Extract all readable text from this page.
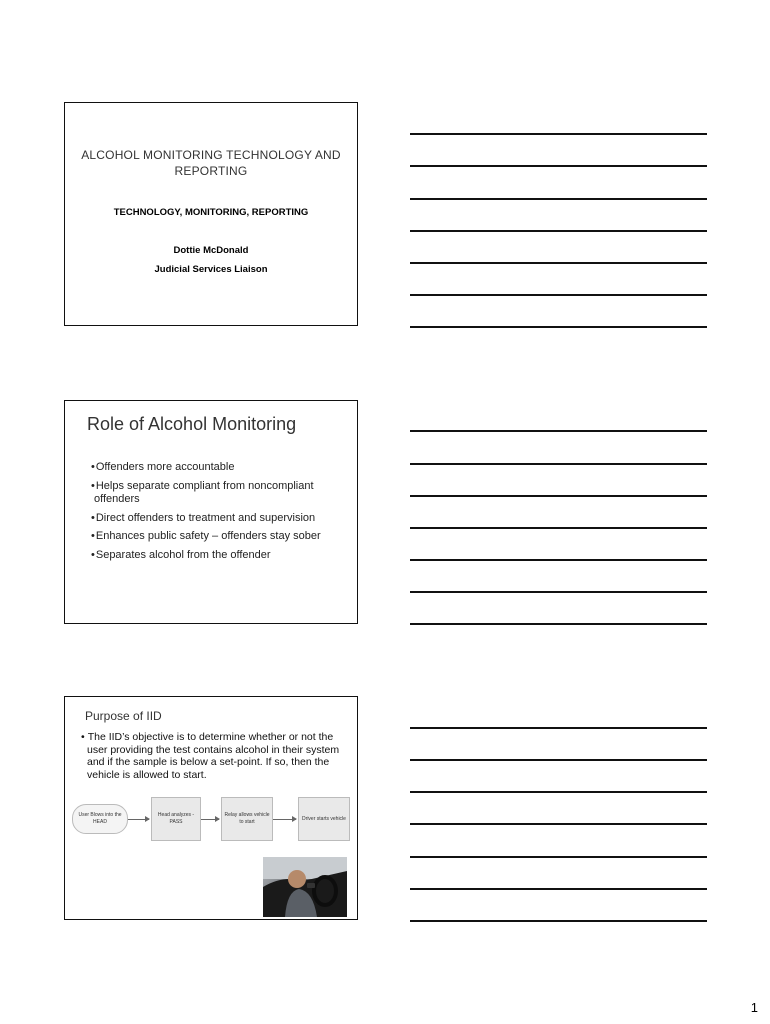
ALCOHOL MONITORING TECHNOLOGY AND REPORTING
TECHNOLOGY, MONITORING, REPORTING
Dottie McDonald
Judicial Services Liaison
Role of Alcohol Monitoring
• Offenders more accountable
• Helps separate compliant from noncompliant offenders
• Direct offenders to treatment and supervision
• Enhances public safety – offenders stay sober
• Separates alcohol from the offender
Purpose of IID
• The IID’s objective is to determine whether or not the user providing the test contains alcohol in their system and if the sample is below a set-point. If so, then the vehicle is allowed to start.
User Blows into the HEAD
Head analyzes -PASS
Relay allows vehicle to start
Driver starts vehicle
1
